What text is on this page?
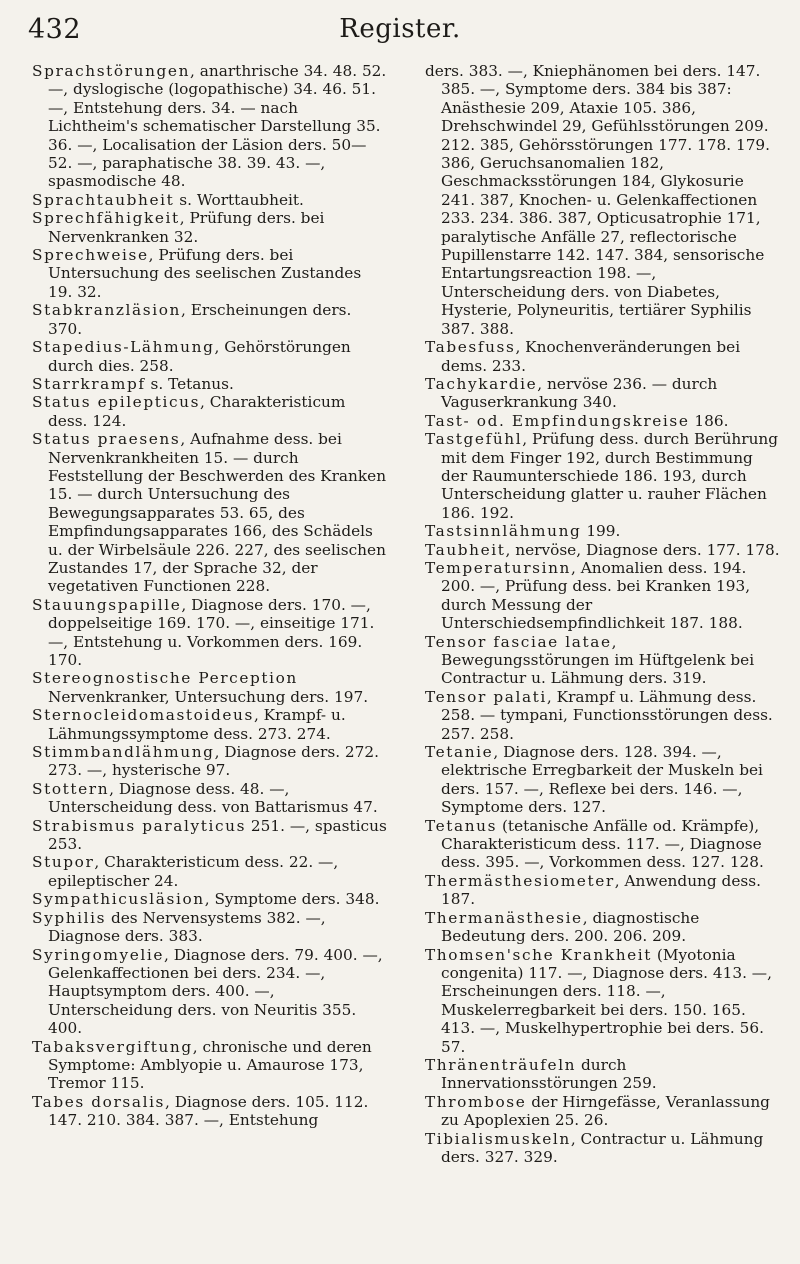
432	Register.
Sprachstörungen, anarthrische 34. 48. 52. —, dyslogische (logopathische) 34. 46. 51. —, Entstehung ders. 34. — nach Lichtheim's schematischer Darstellung 35. 36. —, Localisation der Läsion ders. 50—52. —, paraphatische 38. 39. 43. —, spasmodische 48.
Sprachtaubheit s. Worttaubheit.
Sprechfähigkeit, Prüfung ders. bei Nervenkranken 32.
Sprechweise, Prüfung ders. bei Untersuchung des seelischen Zustandes 19. 32.
Stabkranzläsion, Erscheinungen ders. 370.
Stapedius-Lähmung, Gehörstörungen durch dies. 258.
Starrkrampf s. Tetanus.
Status epilepticus, Charakteristicum dess. 124.
Status praesens, Aufnahme dess. bei Nervenkrankheiten 15. — durch Feststellung der Beschwerden des Kranken 15. — durch Untersuchung des Bewegungsapparates 53. 65, des Empfindungsapparates 166, des Schädels u. der Wirbelsäule 226. 227, des seelischen Zustandes 17, der Sprache 32, der vegetativen Functionen 228.
Stauungspapille, Diagnose ders. 170. —, doppelseitige 169. 170. —, einseitige 171. —, Entstehung u. Vorkommen ders. 169. 170.
Stereognostische Perception Nervenkranker, Untersuchung ders. 197.
Sternocleidomastoideus, Krampf- u. Lähmungssymptome dess. 273. 274.
Stimmbandlähmung, Diagnose ders. 272. 273. —, hysterische 97.
Stottern, Diagnose dess. 48. —, Unterscheidung dess. von Battarismus 47.
Strabismus paralyticus 251. —, spasticus 253.
Stupor, Charakteristicum dess. 22. —, epileptischer 24.
Sympathicusläsion, Symptome ders. 348.
Syphilis des Nervensystems 382. —, Diagnose ders. 383.
Syringomyelie, Diagnose ders. 79. 400. —, Gelenkaffectionen bei ders. 234. —, Hauptsymptom ders. 400. —, Unterscheidung ders. von Neuritis 355. 400.
Tabaksvergiftung, chronische und deren Symptome: Amblyopie u. Amaurose 173, Tremor 115.
Tabes dorsalis, Diagnose ders. 105. 112. 147. 210. 384. 387. —, Entstehung
ders. 383. —, Kniephänomen bei ders. 147. 385. —, Symptome ders. 384 bis 387: Anästhesie 209, Ataxie 105. 386, Drehschwindel 29, Gefühlsstörungen 209. 212. 385, Gehörsstörungen 177. 178. 179. 386, Geruchsanomalien 182, Geschmacksstörungen 184, Glykosurie 241. 387, Knochen- u. Gelenkaffectionen 233. 234. 386. 387, Opticusatrophie 171, paralytische Anfälle 27, reflectorische Pupillenstarre 142. 147. 384, sensorische Entartungsreaction 198. —, Unterscheidung ders. von Diabetes, Hysterie, Polyneuritis, tertiärer Syphilis 387. 388.
Tabesfuss, Knochenveränderungen bei dems. 233.
Tachykardie, nervöse 236. — durch Vaguserkrankung 340.
Tast- od. Empfindungskreise 186.
Tastgefühl, Prüfung dess. durch Berührung mit dem Finger 192, durch Bestimmung der Raumunterschiede 186. 193, durch Unterscheidung glatter u. rauher Flächen 186. 192.
Tastsinnlähmung 199.
Taubheit, nervöse, Diagnose ders. 177. 178.
Temperatursinn, Anomalien dess. 194. 200. —, Prüfung dess. bei Kranken 193, durch Messung der Unterschiedsempfindlichkeit 187. 188.
Tensor fasciae latae, Bewegungsstörungen im Hüftgelenk bei Contractur u. Lähmung ders. 319.
Tensor palati, Krampf u. Lähmung dess. 258. — tympani, Functionsstörungen dess. 257. 258.
Tetanie, Diagnose ders. 128. 394. —, elektrische Erregbarkeit der Muskeln bei ders. 157. —, Reflexe bei ders. 146. —, Symptome ders. 127.
Tetanus (tetanische Anfälle od. Krämpfe), Charakteristicum dess. 117. —, Diagnose dess. 395. —, Vorkommen dess. 127. 128.
Thermästhesiometer, Anwendung dess. 187.
Thermanästhesie, diagnostische Bedeutung ders. 200. 206. 209.
Thomsen'sche Krankheit (Myotonia congenita) 117. —, Diagnose ders. 413. —, Erscheinungen ders. 118. —, Muskelerregbarkeit bei ders. 150. 165. 413. —, Muskelhypertrophie bei ders. 56. 57.
Thränenträufeln durch Innervationsstörungen 259.
Thrombose der Hirngefässe, Veranlassung zu Apoplexien 25. 26.
Tibialismuskeln, Contractur u. Lähmung ders. 327. 329.
